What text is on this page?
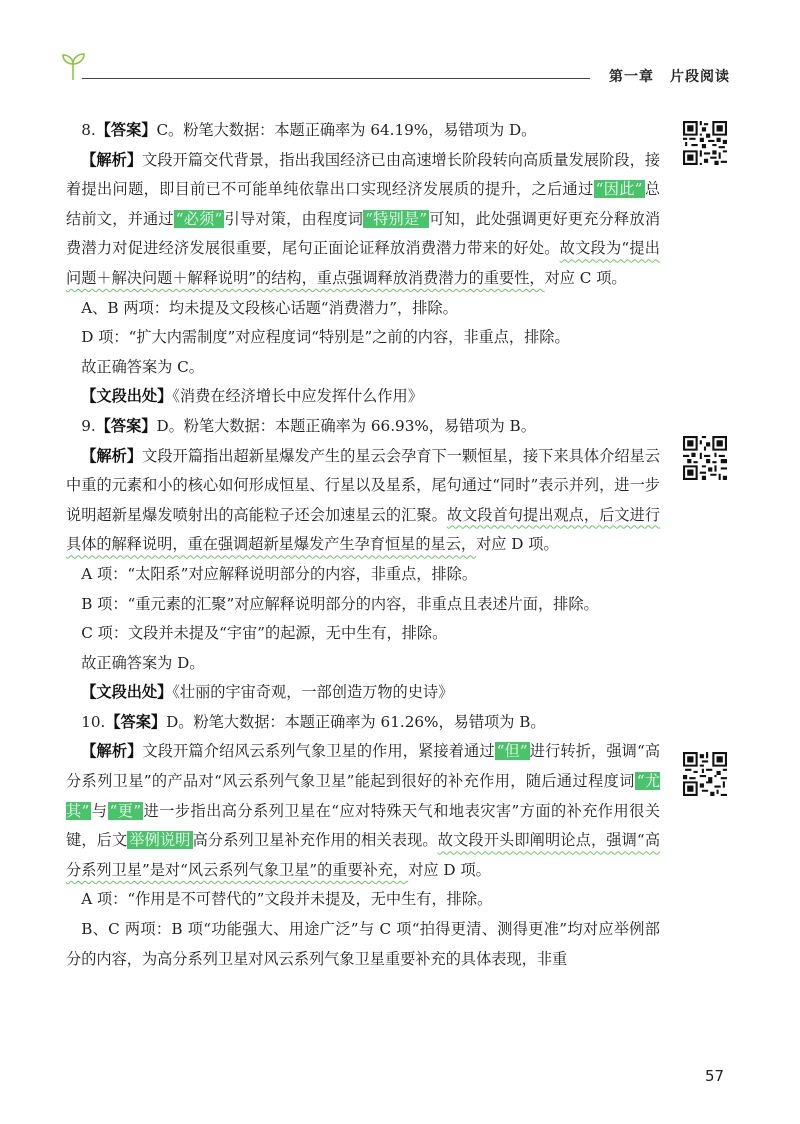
第一章 片段阅读

8.【答案】C。粉笔大数据：本题正确率为 64.19%，易错项为 D。

【解析】文段开篇交代背景，指出我国经济已由高速增长阶段转向高质量发展阶段，接着提出问题，即目前已不可能单纯依靠出口实现经济发展质的提升，之后通过 “因此” 总结前文，并通过 “必须” 引导对策，由程度词 “特别是” 可知，此处强调更好更充分释放消费潜力对促进经济发展很重要，尾句正面论证释放消费潜力带来的好处。故文段为“提出问题＋解决问题＋解释说明”的结构，重点强调释放消费潜力的重要性，对应 C 项。

A、B 两项：均未提及文段核心话题“消费潜力”，排除。

D 项：“扩大内需制度”对应程度词“特别是”之前的内容，非重点，排除。

故正确答案为 C。

【文段出处】《消费在经济增长中应发挥什么作用》

9.【答案】D。粉笔大数据：本题正确率为 66.93%，易错项为 B。

【解析】文段开篇指出超新星爆发产生的星云会孕育下一颗恒星，接下来具体介绍星云中重的元素和小的核心如何形成恒星、行星以及星系，尾句通过“同时”表示并列，进一步说明超新星爆发喷射出的高能粒子还会加速星云的汇聚。故文段首句提出观点，后文进行具体的解释说明，重在强调超新星爆发产生孕育恒星的星云，对应 D 项。

A 项：“太阳系”对应解释说明部分的内容，非重点，排除。

B 项：“重元素的汇聚”对应解释说明部分的内容，非重点且表述片面，排除。

C 项：文段并未提及“宇宙”的起源，无中生有，排除。

故正确答案为 D。

【文段出处】《壮丽的宇宙奇观，一部创造万物的史诗》

10.【答案】D。粉笔大数据：本题正确率为 61.26%，易错项为 B。

【解析】文段开篇介绍风云系列气象卫星的作用，紧接着通过 “但” 进行转折，强调“高分系列卫星”的产品对“风云系列气象卫星”能起到很好的补充作用，随后通过程度词 “尤其” 与 “更” 进一步指出高分系列卫星在“应对特殊天气和地表灾害”方面的补充作用很关键，后文 举例说明 高分系列卫星补充作用的相关表现。故文段开头即阐明论点，强调“高分系列卫星”是对“风云系列气象卫星”的重要补充，对应 D 项。

A 项：“作用是不可替代的”文段并未提及，无中生有，排除。

B、C 两项：B 项“功能强大、用途广泛”与 C 项“拍得更清、测得更准”均对应举例部分的内容，为高分系列卫星对风云系列气象卫星重要补充的具体表现，非重

57
